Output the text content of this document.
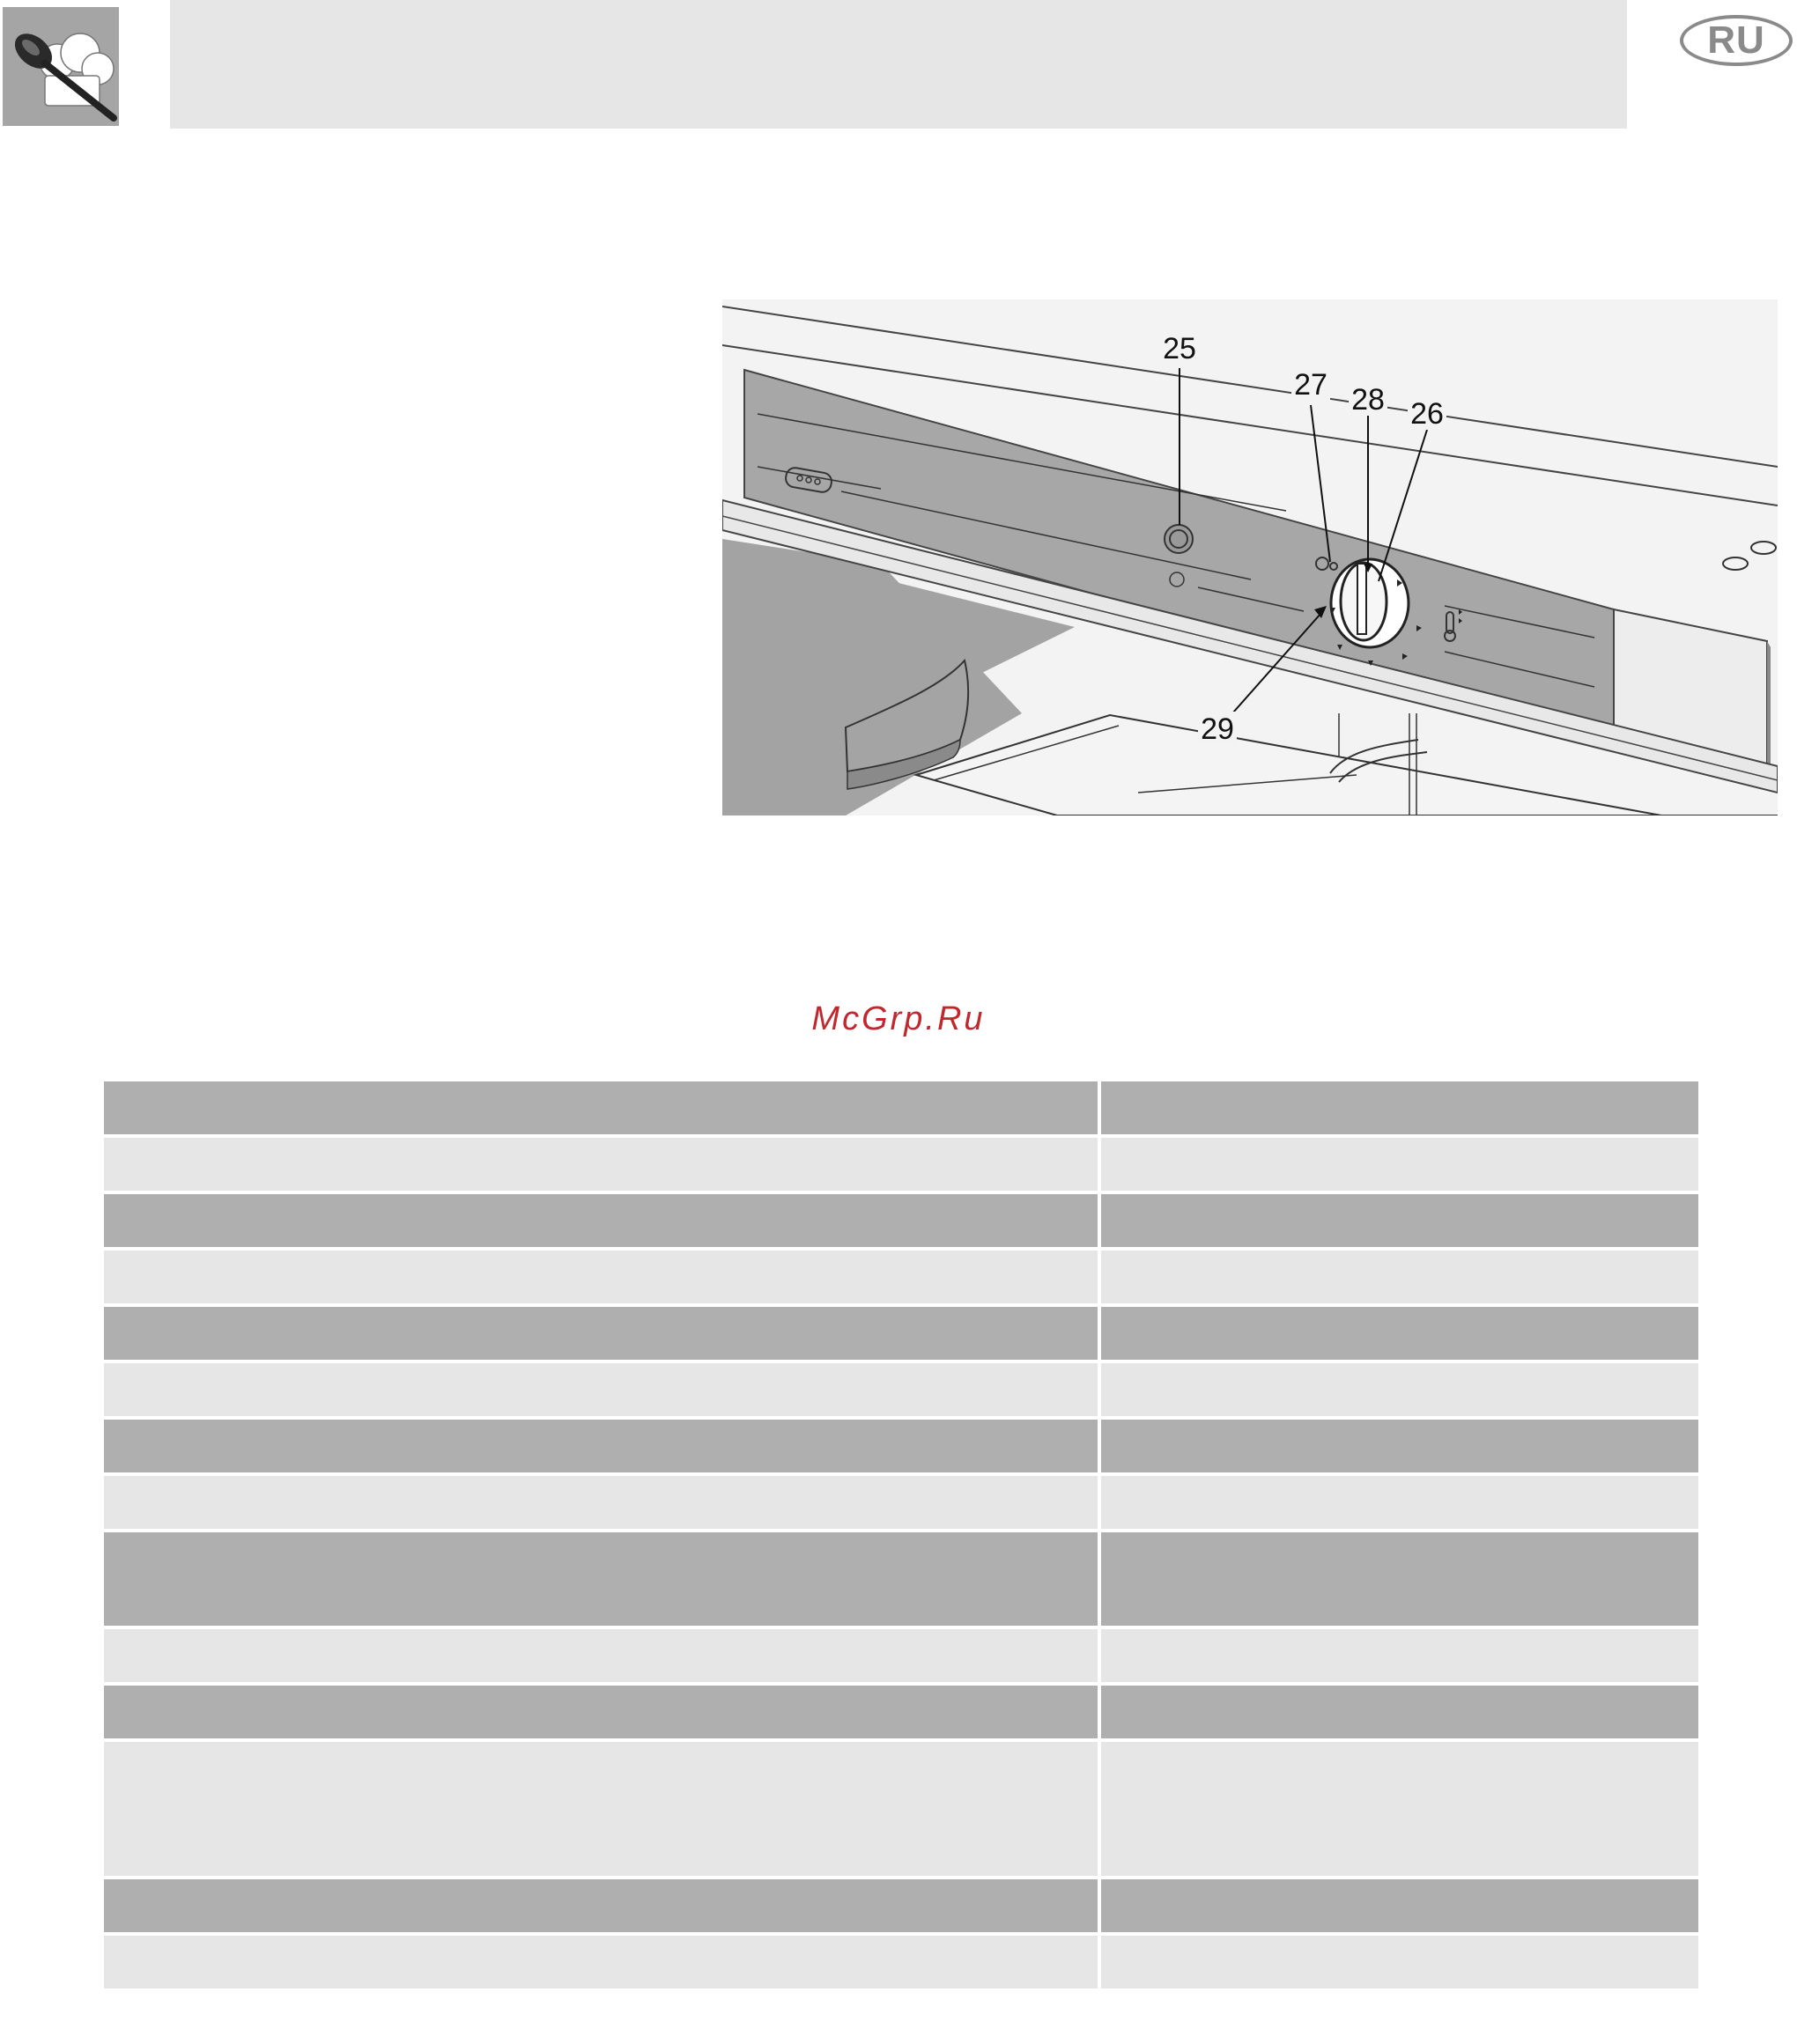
RU
25
27 28 26
29
McGrp.Ru
